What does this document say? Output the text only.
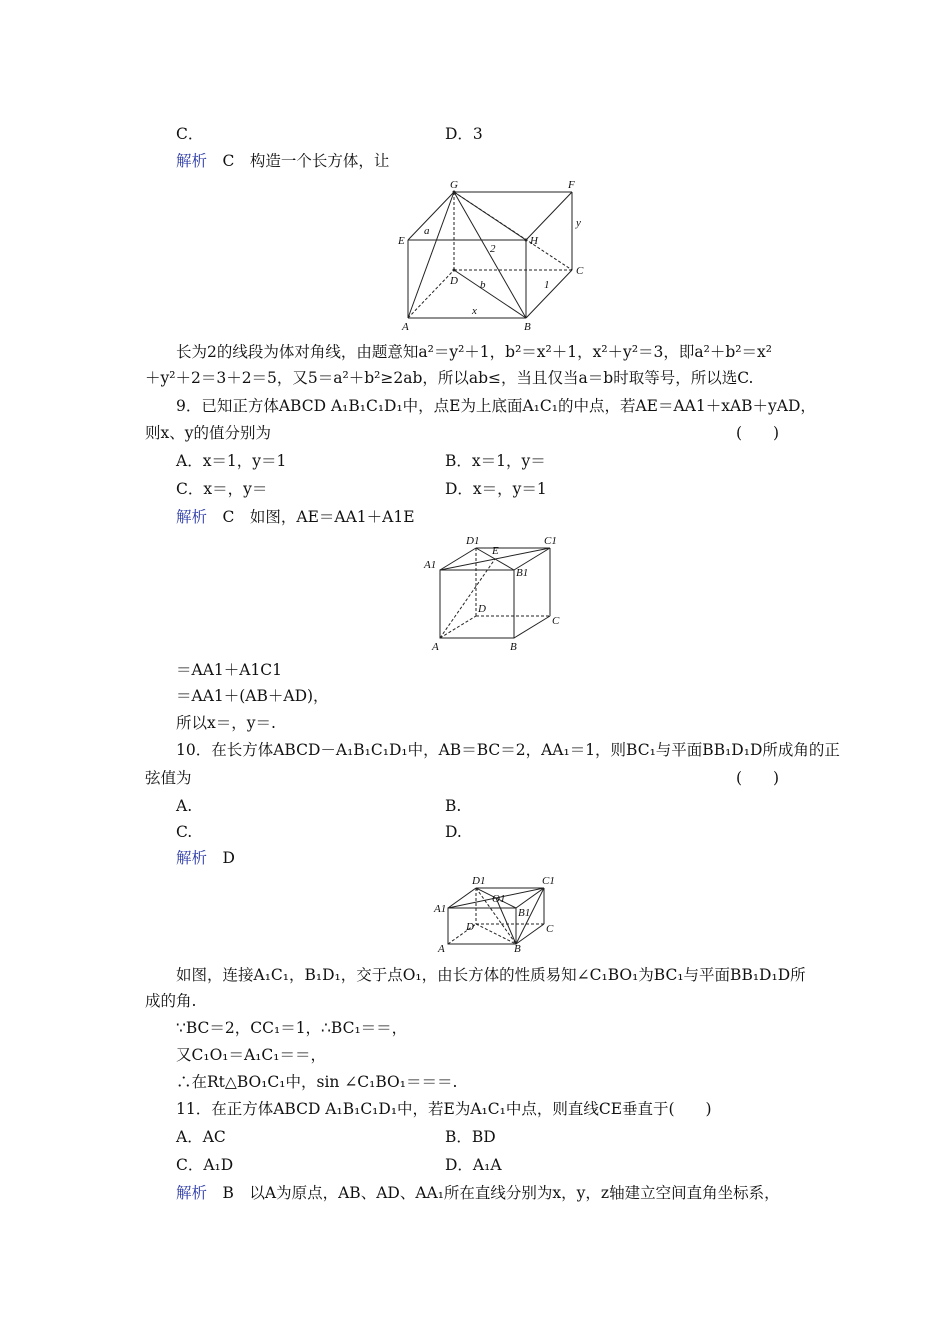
C．	D．3
解析　 C　构造一个长方体，让
G	F
E	H
a
2
y
D
C
b	1
A
x
B
长为2的线段为体对角线，由题意知a²＝y²＋1，b²＝x²＋1，x²＋y²＝3，即a²＋b²＝x²
＋y²＋2＝3＋2＝5，又5＝a²＋b²≥2ab，所以ab≤，当且仅当a＝b时取等号，所以选C.
9．已知正方体ABCD A₁B₁C₁D₁中，点E为上底面A₁C₁的中点，若AE＝AA1＋xAB＋yAD，
则x、y的值分别为	(　　)
A．x＝1，y＝1	B．x＝1，y＝
C．x＝，y＝	D．x＝，y＝1
解析　 C　如图，AE＝AA1＋A1E
D1
E
C1
A1
B1
D
C
A	B
＝AA1＋A1C1
＝AA1＋(AB＋AD)，
所以x＝，y＝.
10．在长方体ABCD－A₁B₁C₁D₁中，AB＝BC＝2，AA₁＝1，则BC₁与平面BB₁D₁D所成角的正
弦值为	(　　)
A.	B.
C.	D.
解析　 D
D1
O1
C1
A1	B1
D	C
A	B
如图，连接A₁C₁，B₁D₁，交于点O₁，由长方体的性质易知∠C₁BO₁为BC₁与平面BB₁D₁D所
成的角.
∵BC＝2，CC₁＝1，∴BC₁＝＝，
又C₁O₁＝A₁C₁＝＝，
∴在Rt△BO₁C₁中，sin ∠C₁BO₁＝＝＝.
11．在正方体ABCD A₁B₁C₁D₁中，若E为A₁C₁中点，则直线CE垂直于(　　)
A．AC	B．BD
C．A₁D	D．A₁A
解析　 B　以A为原点，AB、AD、AA₁所在直线分别为x，y，z轴建立空间直角坐标系，
